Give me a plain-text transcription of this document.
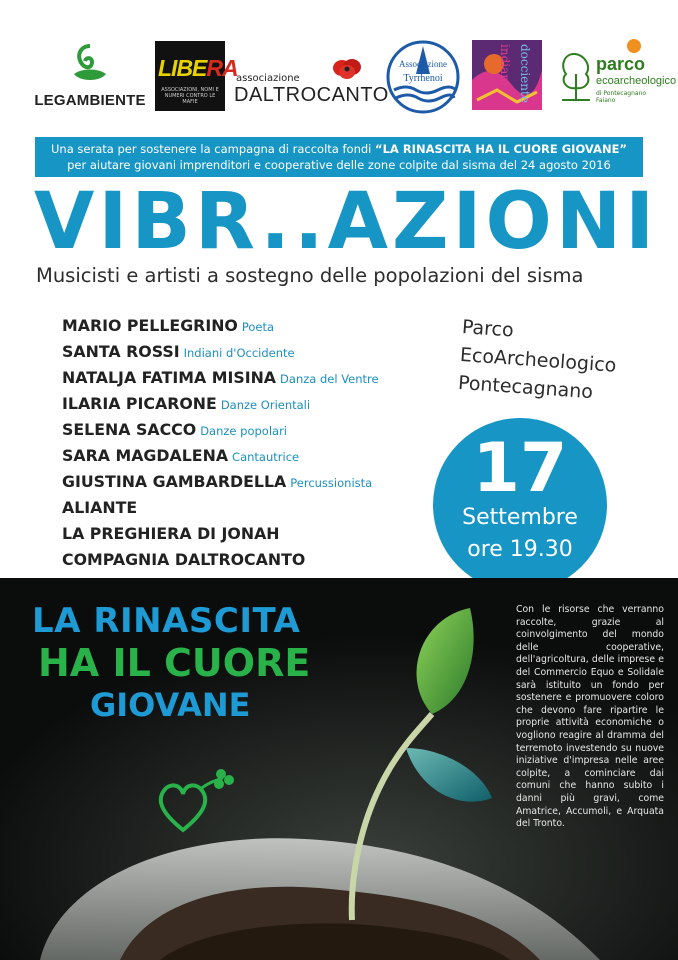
LEGAMBIENTE
LIBERA
ASSOCIAZIONI, NOMI E NUMERI CONTRO LE MAFIE
associazione
DALTROCANTO
Associazione
Tyrrhenoi	indiani docciente	parco
ecoarcheologico
di Pontecagnano Faiano
Una serata per sostenere la campagna di raccolta fondi “LA RINASCITA HA IL CUORE GIOVANE”
per aiutare giovani imprenditori e cooperative delle zone colpite dal sisma del 24 agosto 2016
VIBR..AZIONI
Musicisti e artisti a sostegno delle popolazioni del sisma
MARIO PELLEGRINO Poeta
SANTA ROSSI Indiani d'Occidente
NATALJA FATIMA MISINA Danza del Ventre
ILARIA PICARONE Danze Orientali
SELENA SACCO Danze popolari
SARA MAGDALENA Cantautrice
GIUSTINA GAMBARDELLA Percussionista
ALIANTE
LA PREGHIERA DI JONAH
COMPAGNIA DALTROCANTO
Parco
EcoArcheologico
Pontecagnano
17
Settembre
ore 19.30
LA RINASCITA
HA IL CUORE
GIOVANE
Con le risorse che verranno raccolte, grazie al coinvolgimento del mondo delle cooperative, dell'agricoltura, delle imprese e del Commercio Equo e Solidale sarà istituito un fondo per sostenere e promuovere coloro che devono fare ripartire le proprie attività economiche o vogliono reagire al dramma del terremoto investendo su nuove iniziative d'impresa nelle aree colpite, a cominciare dai comuni che hanno subito i danni più gravi, come Amatrice, Accumoli, e Arquata del Tronto.
